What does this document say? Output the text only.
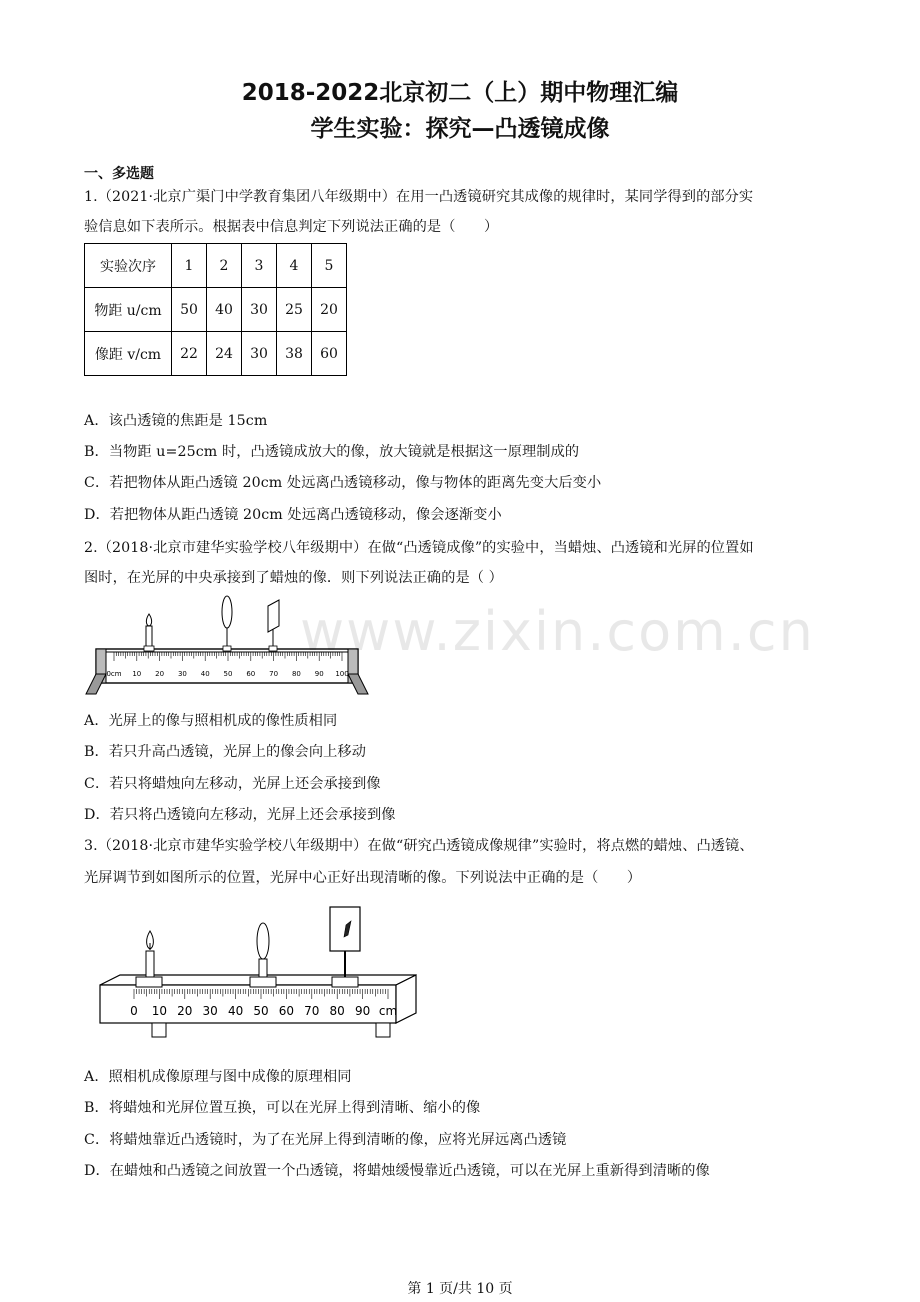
2018-2022北京初二（上）期中物理汇编
学生实验：探究—凸透镜成像
一、多选题
1.（2021·北京广渠门中学教育集团八年级期中）在用一凸透镜研究其成像的规律时，某同学得到的部分实
验信息如下表所示。根据表中信息判定下列说法正确的是（　　）
实验次序	1	2	3	4	5
物距 u/cm	50	40	30	25	20
像距 v/cm	22	24	30	38	60
A．该凸透镜的焦距是 15cm
B．当物距 u=25cm 时，凸透镜成放大的像，放大镜就是根据这一原理制成的
C．若把物体从距凸透镜 20cm 处远离凸透镜移动，像与物体的距离先变大后变小
D．若把物体从距凸透镜 20cm 处远离凸透镜移动，像会逐渐变小
2.（2018·北京市建华实验学校八年级期中）在做“凸透镜成像”的实验中，当蜡烛、凸透镜和光屏的位置如
图时，在光屏的中央承接到了蜡烛的像．则下列说法正确的是（ ）
0cm 10 20 30 40 50 60 70 80 90 100
A．光屏上的像与照相机成的像性质相同
B．若只升高凸透镜，光屏上的像会向上移动
C．若只将蜡烛向左移动，光屏上还会承接到像
D．若只将凸透镜向左移动，光屏上还会承接到像
3.（2018·北京市建华实验学校八年级期中）在做“研究凸透镜成像规律”实验时，将点燃的蜡烛、凸透镜、
光屏调节到如图所示的位置，光屏中心正好出现清晰的像。下列说法中正确的是（　　）
0 10 20 30 40 50 60 70 80 90 cm
A．照相机成像原理与图中成像的原理相同
B．将蜡烛和光屏位置互换，可以在光屏上得到清晰、缩小的像
C．将蜡烛靠近凸透镜时，为了在光屏上得到清晰的像，应将光屏远离凸透镜
D．在蜡烛和凸透镜之间放置一个凸透镜，将蜡烛缓慢靠近凸透镜，可以在光屏上重新得到清晰的像
www.zixin.com.cn
第 1 页/共 10 页
